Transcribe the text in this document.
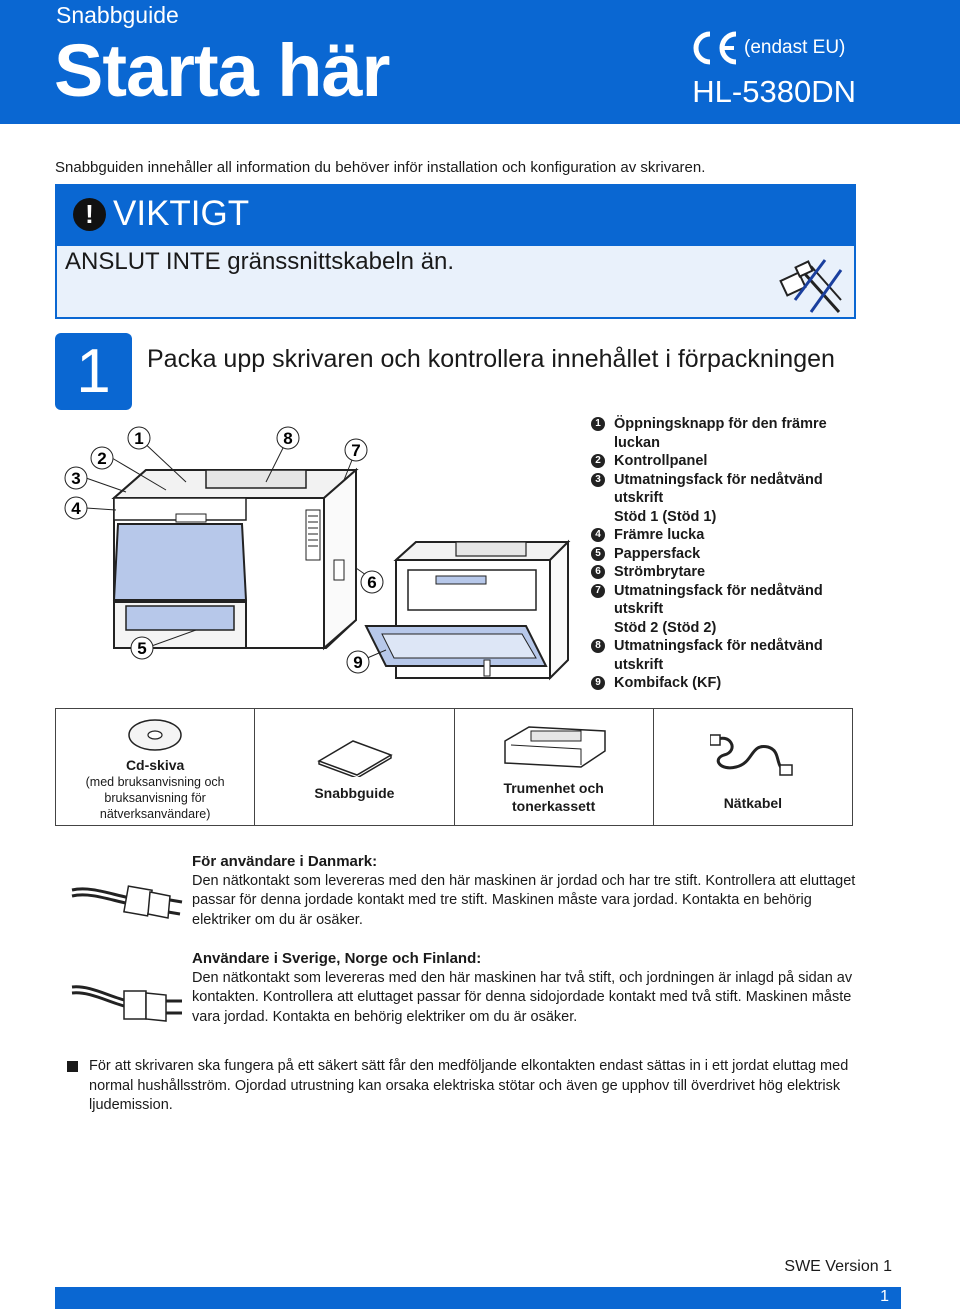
Snabbguide
Starta här	(endast EU)
HL-5380DN
Snabbguiden innehåller all information du behöver inför installation och konfiguration av skrivaren.
! VIKTIGT
ANSLUT INTE gränssnittskabeln än.
1	Packa upp skrivaren och kontrollera innehållet i förpackningen
1
2
3
4
5
6
7
8
9
1 Öppningsknapp för den främre luckan
2 Kontrollpanel
3 Utmatningsfack för nedåtvänd utskrift
Stöd 1 (Stöd 1)
4 Främre lucka
5 Pappersfack
6 Strömbrytare
7 Utmatningsfack för nedåtvänd utskrift
Stöd 2 (Stöd 2)
8 Utmatningsfack för nedåtvänd utskrift
9 Kombifack (KF)
Cd-skiva
(med bruksanvisning och bruksanvisning för nätverksanvändare)
Snabbguide	Trumenhet och tonerkassett	Nätkabel
För användare i Danmark:
Den nätkontakt som levereras med den här maskinen är jordad och har tre stift. Kontrollera att eluttaget passar för denna jordade kontakt med tre stift. Maskinen måste vara jordad. Kontakta en behörig elektriker om du är osäker.
Användare i Sverige, Norge och Finland:
Den nätkontakt som levereras med den här maskinen har två stift, och jordningen är inlagd på sidan av kontakten. Kontrollera att eluttaget passar för denna sidojordade kontakt med två stift. Maskinen måste vara jordad. Kontakta en behörig elektriker om du är osäker.
För att skrivaren ska fungera på ett säkert sätt får den medföljande elkontakten endast sättas in i ett jordat eluttag med normal hushållsström. Ojordad utrustning kan orsaka elektriska stötar och även ge upphov till överdrivet hög elektrisk ljudemission.
SWE Version 1
1
